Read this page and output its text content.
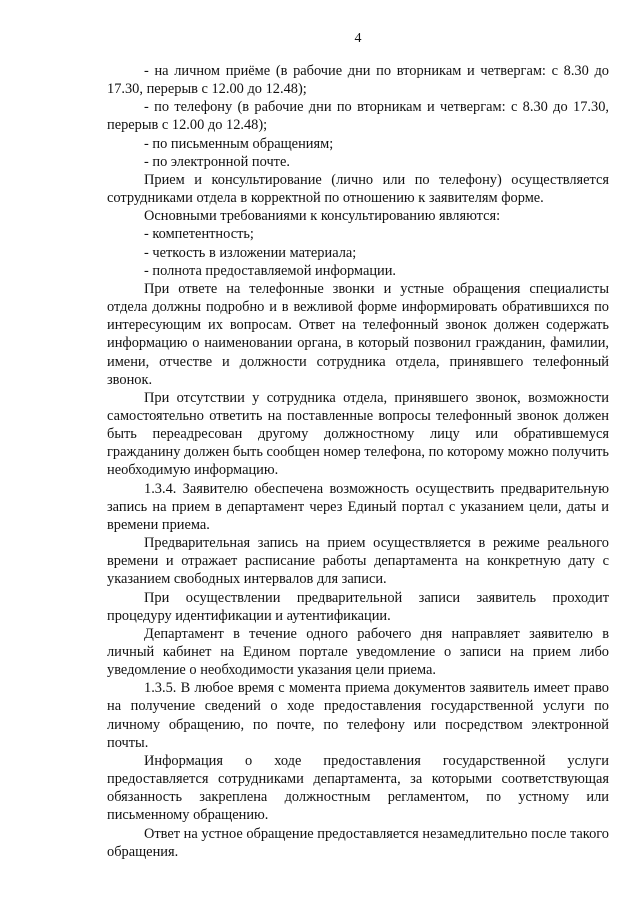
4

- на личном приёме (в рабочие дни по вторникам и четвергам: с 8.30 до 17.30, перерыв с 12.00 до 12.48);

- по телефону (в рабочие дни по вторникам и четвергам: с 8.30 до 17.30, перерыв с 12.00 до 12.48);

- по письменным обращениям;

- по электронной почте.

Прием и консультирование (лично или по телефону) осуществляется сотрудниками отдела в корректной по отношению к заявителям форме.

Основными требованиями к консультированию являются:

- компетентность;

- четкость в изложении материала;

- полнота предоставляемой информации.

При ответе на телефонные звонки и устные обращения специалисты отдела должны подробно и в вежливой форме информировать обратившихся по интересующим их вопросам. Ответ на телефонный звонок должен содержать информацию о наименовании органа, в который позвонил гражданин, фамилии, имени, отчестве и должности сотрудника отдела, принявшего телефонный звонок.

При отсутствии у сотрудника отдела, принявшего звонок, возможности самостоятельно ответить на поставленные вопросы телефонный звонок должен быть переадресован другому должностному лицу или обратившемуся гражданину должен быть сообщен номер телефона, по которому можно получить необходимую информацию.

1.3.4. Заявителю обеспечена возможность осуществить предварительную запись на прием в департамент через Единый портал с указанием цели, даты и времени приема.

Предварительная запись на прием осуществляется в режиме реального времени и отражает расписание работы департамента на конкретную дату с указанием свободных интервалов для записи.

При осуществлении предварительной записи заявитель проходит процедуру идентификации и аутентификации.

Департамент в течение одного рабочего дня направляет заявителю в личный кабинет на Едином портале уведомление о записи на прием либо уведомление о необходимости указания цели приема.

1.3.5. В любое время с момента приема документов заявитель имеет право на получение сведений о ходе предоставления государственной услуги по личному обращению, по почте, по телефону или посредством электронной почты.

Информация о ходе предоставления государственной услуги предоставляется сотрудниками департамента, за которыми соответствующая обязанность закреплена должностным регламентом, по устному или письменному обращению.

Ответ на устное обращение предоставляется незамедлительно после такого обращения.
